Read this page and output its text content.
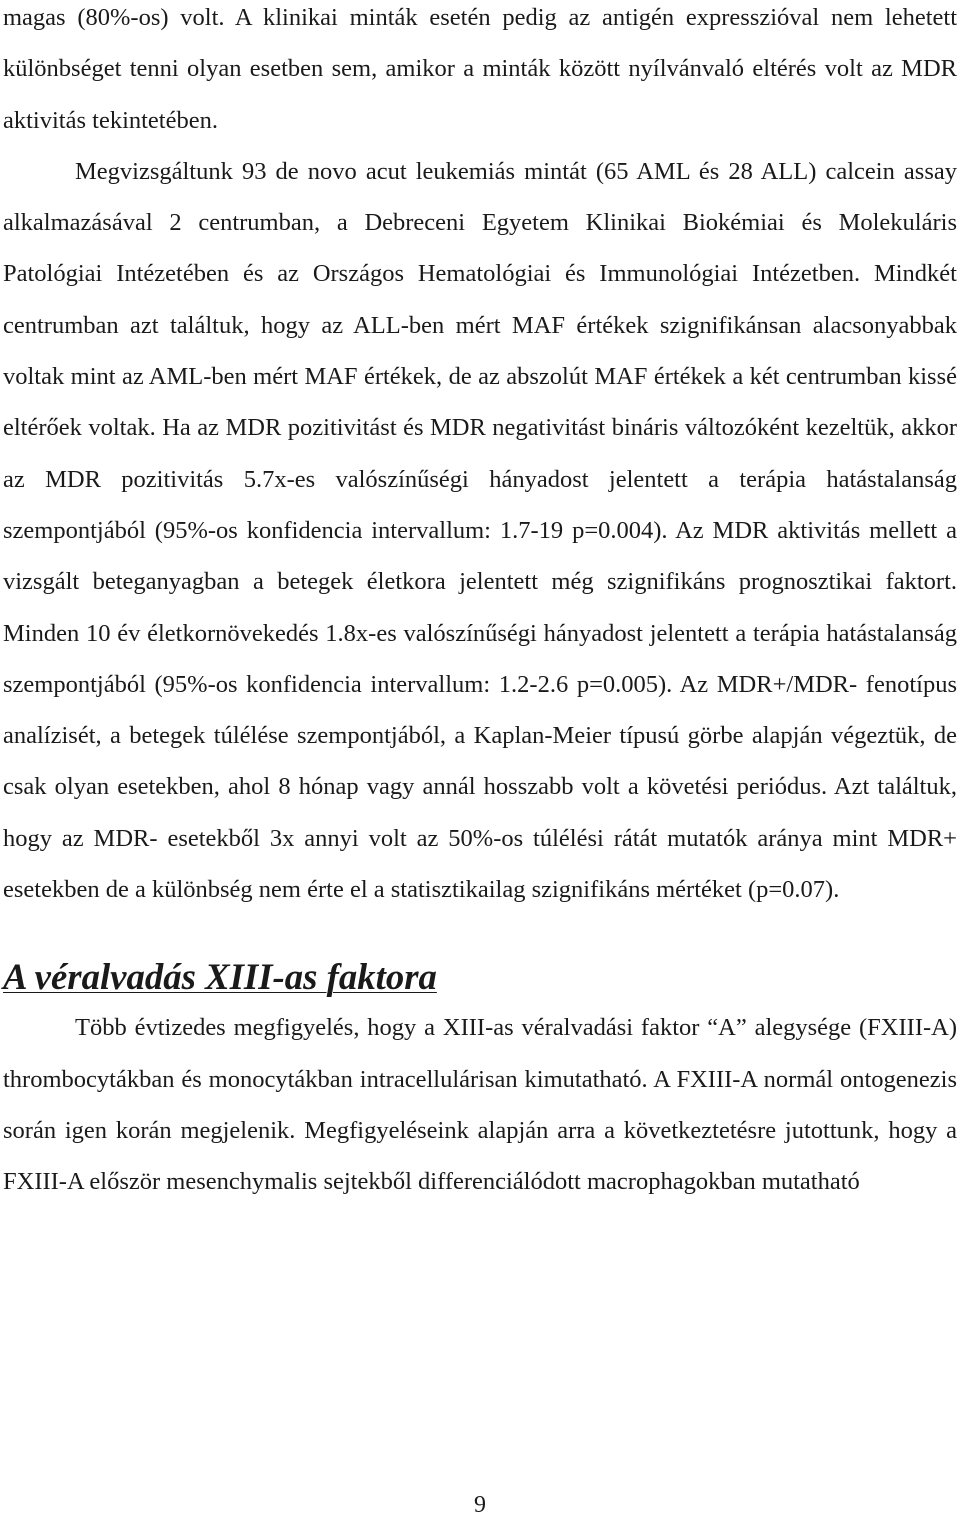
magas (80%-os) volt. A klinikai minták esetén pedig az antigén expresszióval nem lehetett különbséget tenni olyan esetben sem, amikor a minták között nyílvánvaló eltérés volt az MDR aktivitás tekintetében.

Megvizsgáltunk 93 de novo acut leukemiás mintát (65 AML és 28 ALL) calcein assay alkalmazásával 2 centrumban, a Debreceni Egyetem Klinikai Biokémiai és Molekuláris Patológiai Intézetében és az Országos Hematológiai és Immunológiai Intézetben. Mindkét centrumban azt találtuk, hogy az ALL-ben mért MAF értékek szignifikánsan alacsonyabbak voltak mint az AML-ben mért MAF értékek, de az abszolút MAF értékek a két centrumban kissé eltérőek voltak. Ha az MDR pozitivitást és MDR negativitást bináris változóként kezeltük, akkor az MDR pozitivitás 5.7x-es valószínűségi hányadost jelentett a terápia hatástalanság szempontjából (95%-os konfidencia intervallum: 1.7-19 p=0.004). Az MDR aktivitás mellett a vizsgált beteganyagban a betegek életkora jelentett még szignifikáns prognosztikai faktort. Minden 10 év életkornövekedés 1.8x-es valószínűségi hányadost jelentett a terápia hatástalanság szempontjából (95%-os konfidencia intervallum: 1.2-2.6 p=0.005). Az MDR+/MDR- fenotípus analízisét, a betegek túlélése szempontjából, a Kaplan-Meier típusú görbe alapján végeztük, de csak olyan esetekben, ahol 8 hónap vagy annál hosszabb volt a követési periódus. Azt találtuk, hogy az MDR- esetekből 3x annyi volt az 50%-os túlélési rátát mutatók aránya mint MDR+ esetekben de a különbség nem érte el a statisztikailag szignifikáns mértéket (p=0.07).

A véralvadás XIII-as faktora

Több évtizedes megfigyelés, hogy a XIII-as véralvadási faktor “A” alegysége (FXIII-A) thrombocytákban és monocytákban intracellulárisan kimutatható. A FXIII-A normál ontogenezis során igen korán megjelenik. Megfigyeléseink alapján arra a következtetésre jutottunk, hogy a FXIII-A először mesenchymalis sejtekből differenciálódott macrophagokban mutatható

9
